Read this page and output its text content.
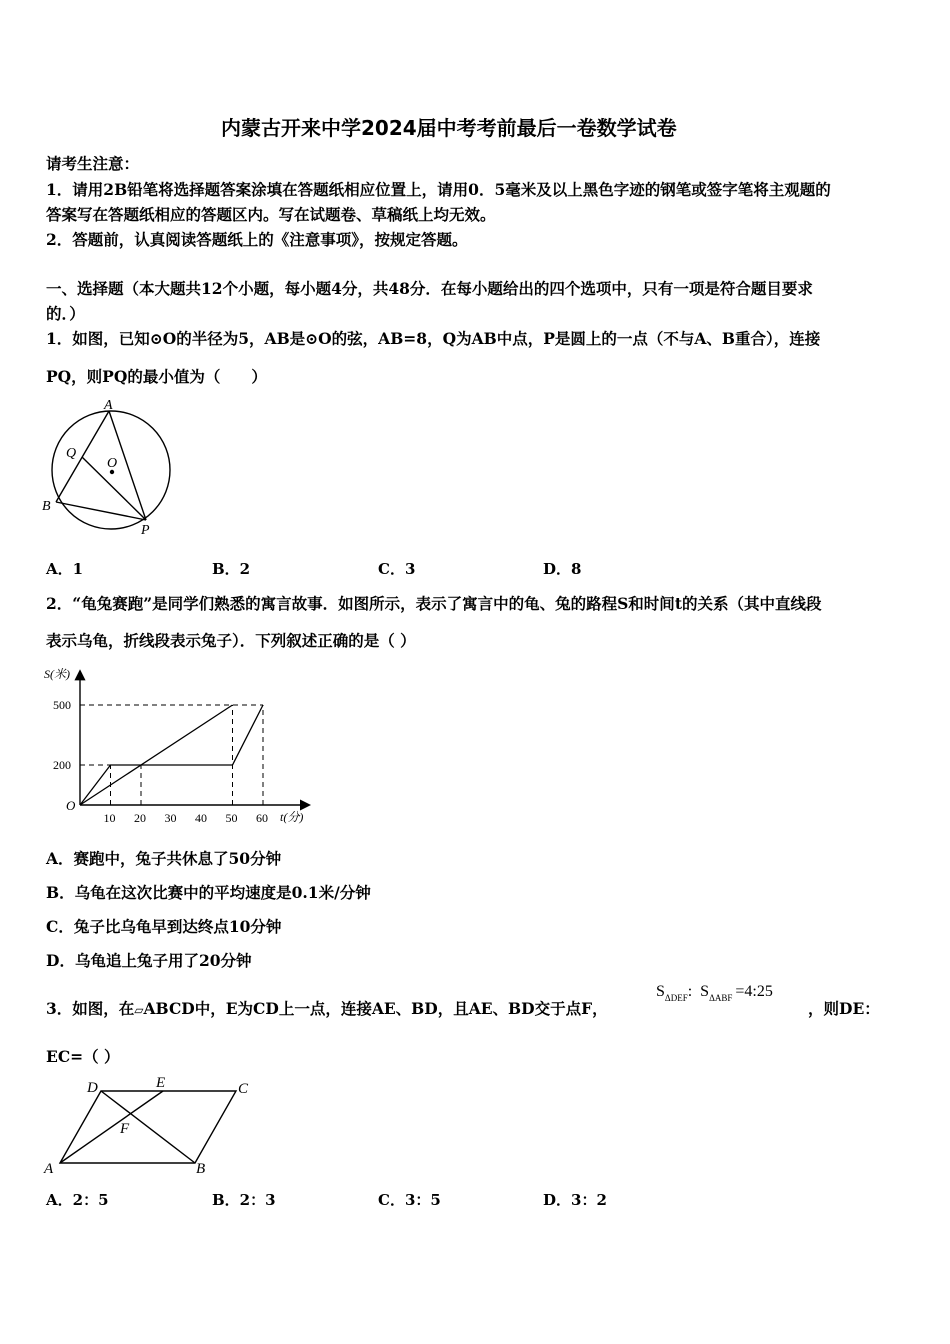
内蒙古开来中学2024届中考考前最后一卷数学试卷
请考生注意：
1．请用2B铅笔将选择题答案涂填在答题纸相应位置上，请用0．5毫米及以上黑色字迹的钢笔或签字笔将主观题的
答案写在答题纸相应的答题区内。写在试题卷、草稿纸上均无效。
2．答题前，认真阅读答题纸上的《注意事项》，按规定答题。
一、选择题（本大题共12个小题，每小题4分，共48分．在每小题给出的四个选项中，只有一项是符合题目要求
的．）
1．如图，已知⊙O的半径为5，AB是⊙O的弦，AB=8，Q为AB中点，P是圆上的一点（不与A、B重合），连接
PQ，则PQ的最小值为（　　）
A
B
O
P
Q
A．1	B．2	C．3	D．8
2．“龟兔赛跑”是同学们熟悉的寓言故事．如图所示，表示了寓言中的龟、兔的路程S和时间t的关系（其中直线段
表示乌龟，折线段表示兔子）．下列叙述正确的是（ ）
10 20 30 40 50 60
200
500
S(米)
t(分)
O
A．赛跑中，兔子共休息了50分钟
B．乌龟在这次比赛中的平均速度是0.1米/分钟
C．兔子比乌龟早到达终点10分钟
D．乌龟追上兔子用了20分钟
3．如图，在▱ABCD中，E为CD上一点，连接AE、BD，且AE、BD交于点F，
$S_{\Delta DEF}$: $S_{\Delta ABF}$ =4:25
，则DE：
EC=（ ）
D	E	C
F
A	B
A．2：5	B．2：3	C．3：5	D．3：2
